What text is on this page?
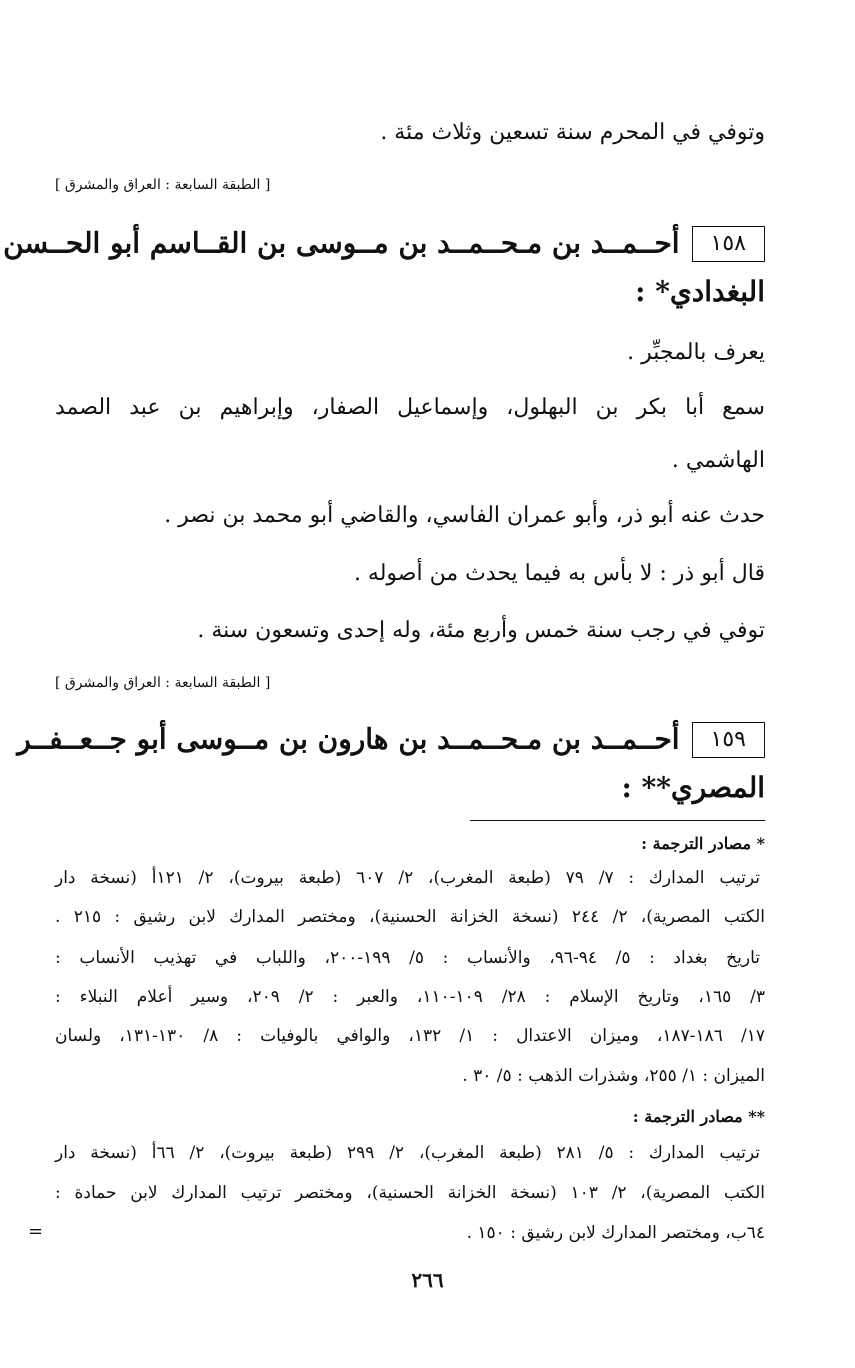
وتوفي في المحرم سنة تسعين وثلاث مئة .
[ الطبقة السابعة : العراق والمشرق ]
١٥٨أحــمــد بن مـحــمــد بن مــوسى بن القــاسم أبو الحــسن
البغدادي* :
يعرف بالمجبِّر .
سمع أبا بكر بن البهلول، وإسماعيل الصفار، وإبراهيم بن عبد الصمد
الهاشمي .
حدث عنه أبو ذر، وأبو عمران الفاسي، والقاضي أبو محمد بن نصر .
قال أبو ذر : لا بأس به فيما يحدث من أصوله .
توفي في رجب سنة خمس وأربع مئة، وله إحدى وتسعون سنة .
[ الطبقة السابعة : العراق والمشرق ]
١٥٩أحــمــد بن مـحــمــد بن هارون بن مــوسى أبو جــعــفــر
المصري** :
* مصادر الترجمة :
ترتيب المدارك : ٧/ ٧٩ (طبعة المغرب)، ٢/ ٦٠٧ (طبعة بيروت)، ٢/ ١٢١أ (نسخة دار
الكتب المصرية)، ٢/ ٢٤٤ (نسخة الخزانة الحسنية)، ومختصر المدارك لابن رشيق : ٢١٥ .
تاريخ بغداد : ٥/ ٩٤-٩٦، والأنساب : ٥/ ١٩٩-٢٠٠، واللباب في تهذيب الأنساب :
٣/ ١٦٥، وتاريخ الإسلام : ٢٨/ ١٠٩-١١٠، والعبر : ٢/ ٢٠٩، وسير أعلام النبلاء :
١٧/ ١٨٦-١٨٧، وميزان الاعتدال : ١/ ١٣٢، والوافي بالوفيات : ٨/ ١٣٠-١٣١، ولسان
الميزان : ١/ ٢٥٥، وشذرات الذهب : ٥/ ٣٠ .
** مصادر الترجمة :
ترتيب المدارك : ٥/ ٢٨١ (طبعة المغرب)، ٢/ ٢٩٩ (طبعة بيروت)، ٢/ ٦٦أ (نسخة دار
الكتب المصرية)، ٢/ ١٠٣ (نسخة الخزانة الحسنية)، ومختصر ترتيب المدارك لابن حمادة :
٦٤ب، ومختصر المدارك لابن رشيق : ١٥٠ .
=
٢٦٦
